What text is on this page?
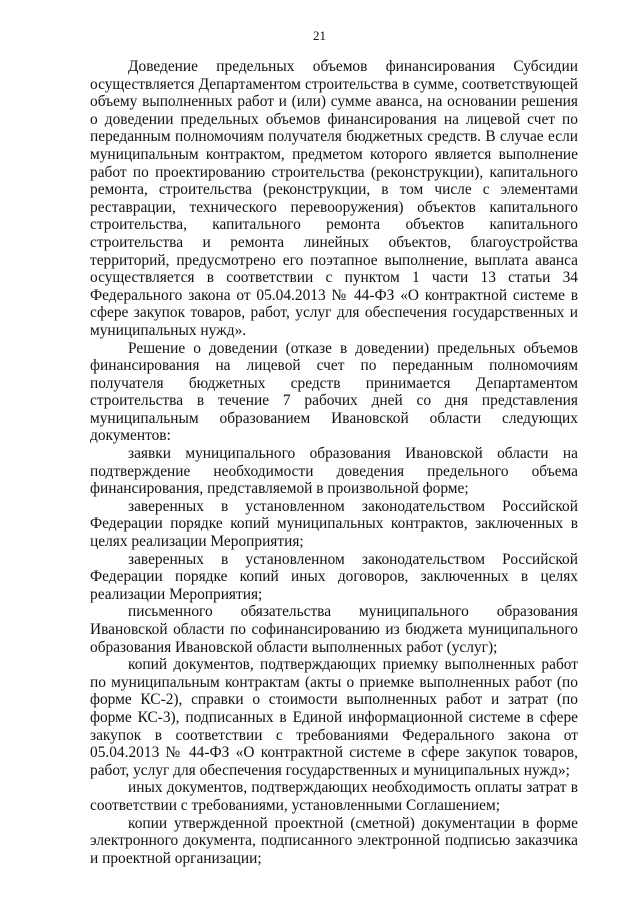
21

Доведение предельных объемов финансирования Субсидии осуществляется Департаментом строительства в сумме, соответствующей объему выполненных работ и (или) сумме аванса, на основании решения о доведении предельных объемов финансирования на лицевой счет по переданным полномочиям получателя бюджетных средств. В случае если муниципальным контрактом, предметом которого является выполнение работ по проектированию строительства (реконструкции), капитального ремонта, строительства (реконструкции, в том числе с элементами реставрации, технического перевооружения) объектов капитального строительства, капитального ремонта объектов капитального строительства и ремонта линейных объектов, благоустройства территорий, предусмотрено его поэтапное выполнение, выплата аванса осуществляется в соответствии с пунктом 1 части 13 статьи 34 Федерального закона от 05.04.2013 № 44-ФЗ «О контрактной системе в сфере закупок товаров, работ, услуг для обеспечения государственных и муниципальных нужд».

Решение о доведении (отказе в доведении) предельных объемов финансирования на лицевой счет по переданным полномочиям получателя бюджетных средств принимается Департаментом строительства в течение 7 рабочих дней со дня представления муниципальным образованием Ивановской области следующих документов:

заявки муниципального образования Ивановской области на подтверждение необходимости доведения предельного объема финансирования, представляемой в произвольной форме;

заверенных в установленном законодательством Российской Федерации порядке копий муниципальных контрактов, заключенных в целях реализации Мероприятия;

заверенных в установленном законодательством Российской Федерации порядке копий иных договоров, заключенных в целях реализации Мероприятия;

письменного обязательства муниципального образования Ивановской области по софинансированию из бюджета муниципального образования Ивановской области выполненных работ (услуг);

копий документов, подтверждающих приемку выполненных работ по муниципальным контрактам (акты о приемке выполненных работ (по форме КС-2), справки о стоимости выполненных работ и затрат (по форме КС-3), подписанных в Единой информационной системе в сфере закупок в соответствии с требованиями Федерального закона от 05.04.2013 № 44-ФЗ «О контрактной системе в сфере закупок товаров, работ, услуг для обеспечения государственных и муниципальных нужд»;

иных документов, подтверждающих необходимость оплаты затрат в соответствии с требованиями, установленными Соглашением;

копии утвержденной проектной (сметной) документации в форме электронного документа, подписанного электронной подписью заказчика и проектной организации;
